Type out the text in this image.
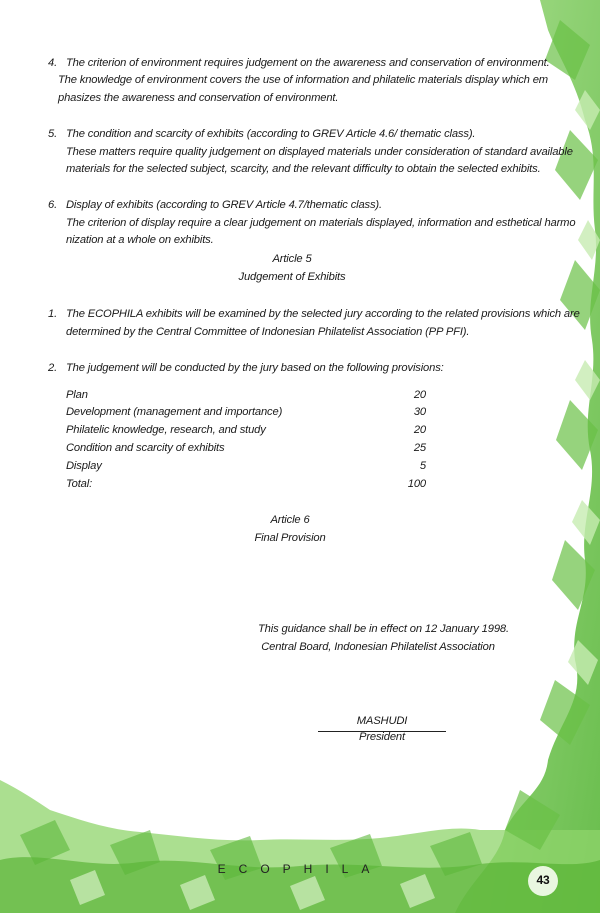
4. The criterion of environment requires judgement on the awareness and conservation of environment.
The knowledge of environment covers the use of information and philatelic materials display which em
phasizes the awareness and conservation of environment.
5. The condition and scarcity of exhibits (according to GREV Article 4.6/ thematic class).
These matters require quality judgement on displayed materials under consideration of standard available
materials for the selected subject, scarcity, and the relevant difficulty to obtain the selected exhibits.
6. Display of exhibits (according to GREV Article 4.7/thematic class).
The criterion of display require a clear judgement on materials displayed, information and esthetical harmo
nization at a whole on exhibits.
Article 5
Judgement of Exhibits
1. The ECOPHILA exhibits will be examined by the selected jury according to the related provisions which are
determined by the Central Committee of Indonesian Philatelist Association (PP PFI).
2. The judgement will be conducted by the jury based on the following provisions:
Plan	20
Development (management and importance)	30
Philatelic knowledge, research, and study	20
Condition and scarcity of exhibits	25
Display	5
Total:	100
Article 6
Final Provision
This guidance shall be in effect on 12 January 1998.
Central Board, Indonesian Philatelist Association
MASHUDI
President
ECOPHILA
43
